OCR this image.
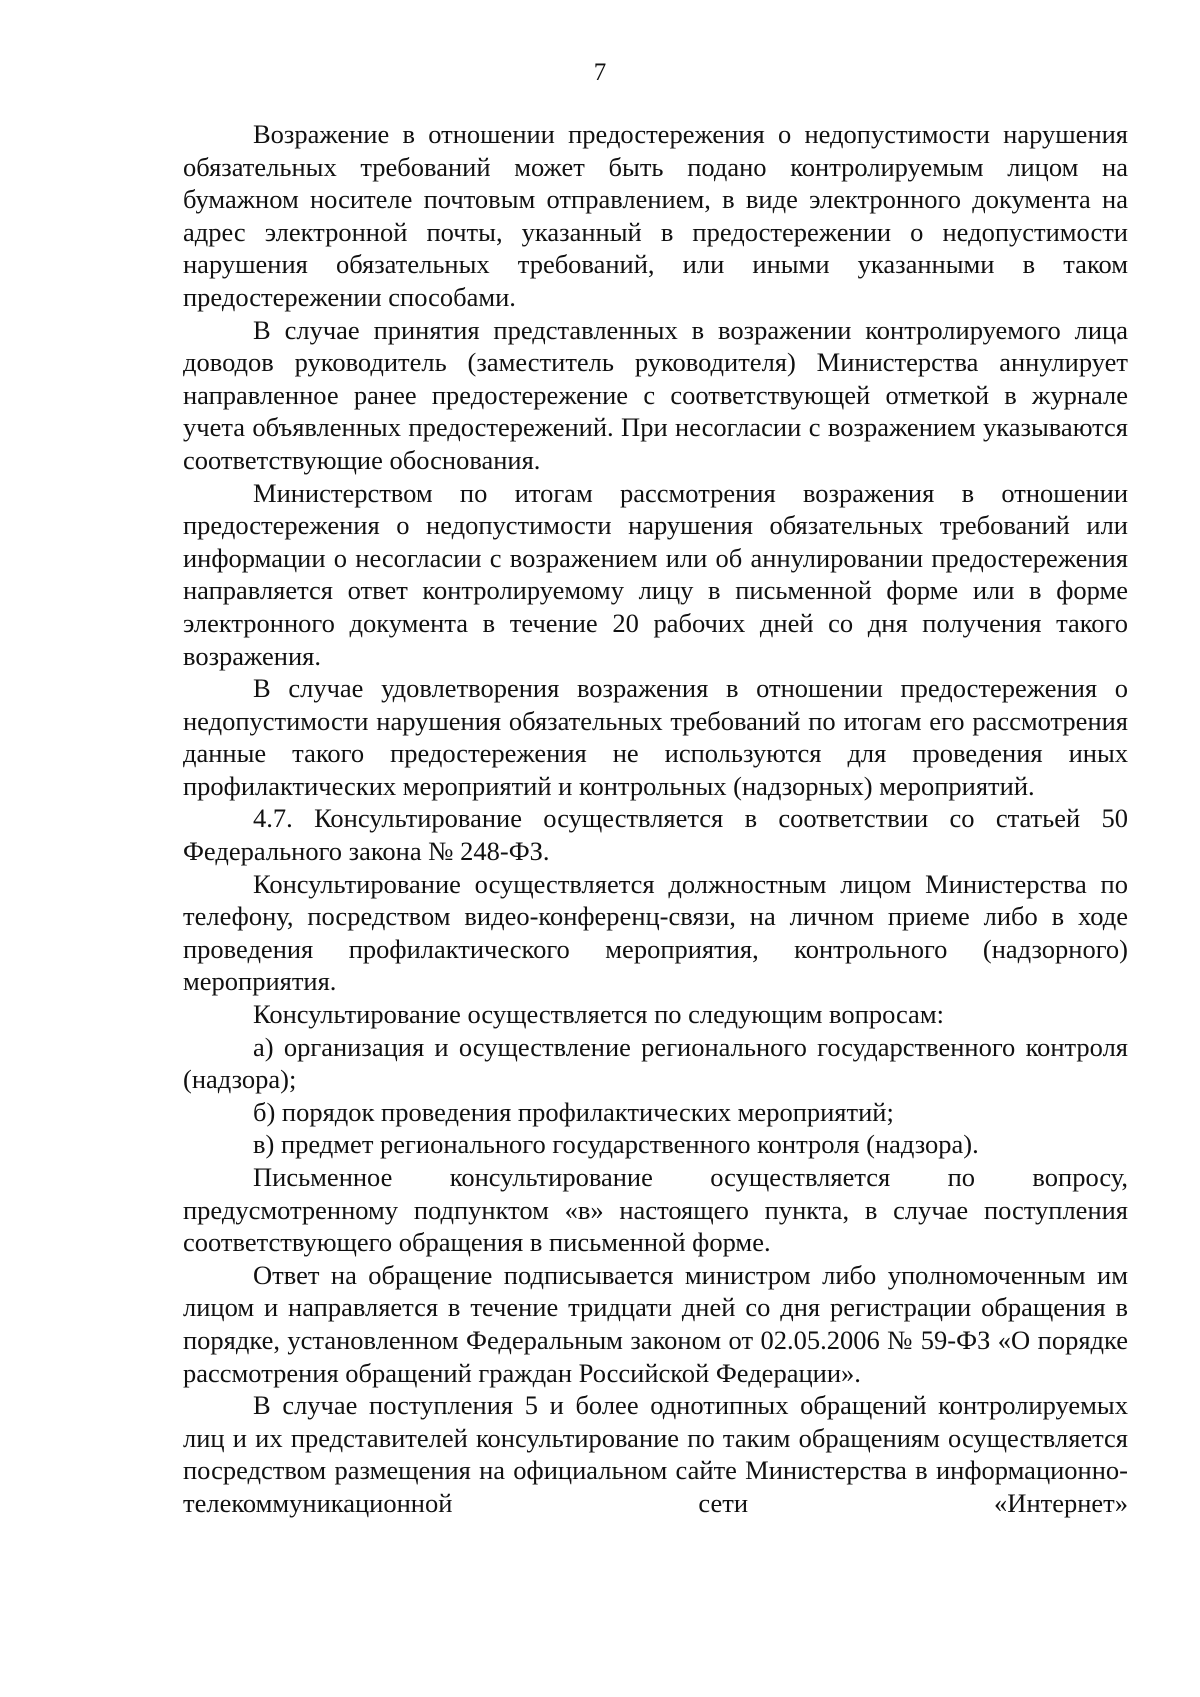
7

Возражение в отношении предостережения о недопустимости нарушения обязательных требований может быть подано контролируемым лицом на бумажном носителе почтовым отправлением, в виде электронного документа на адрес электронной почты, указанный в предостережении о недопустимости нарушения обязательных требований, или иными указанными в таком предостережении способами.

В случае принятия представленных в возражении контролируемого лица доводов руководитель (заместитель руководителя) Министерства аннулирует направленное ранее предостережение с соответствующей отметкой в журнале учета объявленных предостережений. При несогласии с возражением указываются соответствующие обоснования.

Министерством по итогам рассмотрения возражения в отношении предостережения о недопустимости нарушения обязательных требований или информации о несогласии с возражением или об аннулировании предостережения направляется ответ контролируемому лицу в письменной форме или в форме электронного документа в течение 20 рабочих дней со дня получения такого возражения.

В случае удовлетворения возражения в отношении предостережения о недопустимости нарушения обязательных требований по итогам его рассмотрения данные такого предостережения не используются для проведения иных профилактических мероприятий и контрольных (надзорных) мероприятий.

4.7. Консультирование осуществляется в соответствии со статьей 50 Федерального закона № 248-ФЗ.

Консультирование осуществляется должностным лицом Министерства по телефону, посредством видео-конференц-связи, на личном приеме либо в ходе проведения профилактического мероприятия, контрольного (надзорного) мероприятия.

Консультирование осуществляется по следующим вопросам:

а) организация и осуществление регионального государственного контроля (надзора);

б) порядок проведения профилактических мероприятий;

в) предмет регионального государственного контроля (надзора).

Письменное консультирование осуществляется по вопросу, предусмотренному подпунктом «в» настоящего пункта, в случае поступления соответствующего обращения в письменной форме.

Ответ на обращение подписывается министром либо уполномоченным им лицом и направляется в течение тридцати дней со дня регистрации обращения в порядке, установленном Федеральным законом от 02.05.2006 № 59-ФЗ «О порядке рассмотрения обращений граждан Российской Федерации».

В случае поступления 5 и более однотипных обращений контролируемых лиц и их представителей консультирование по таким обращениям осуществляется посредством размещения на официальном сайте Министерства в информационно-телекоммуникационной сети «Интернет»
